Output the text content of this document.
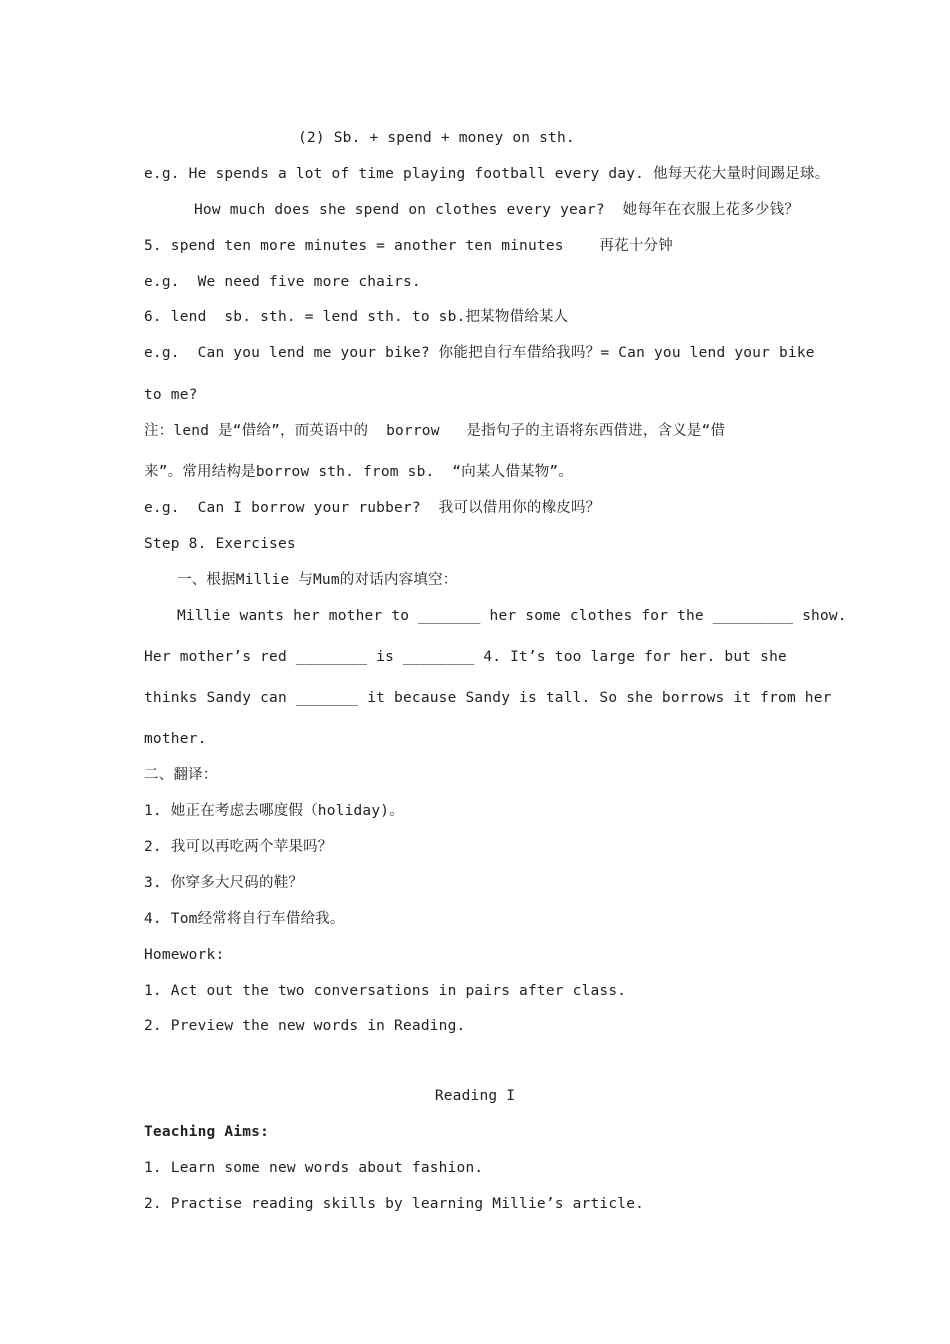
(2) Sb. + spend + money on sth.
e.g. He spends a lot of time playing football every day. 他每天花大量时间踢足球。
How much does she spend on clothes every year?  她每年在衣服上花多少钱？
5. spend ten more minutes = another ten minutes    再花十分钟
e.g.  We need five more chairs.
6. lend  sb. sth. = lend sth. to sb.把某物借给某人
e.g.  Can you lend me your bike? 你能把自行车借给我吗？= Can you lend your bike
to me?
注：lend 是“借给”，而英语中的  borrow   是指句子的主语将东西借进，含义是“借
来”。常用结构是borrow sth. from sb.  “向某人借某物”。
e.g.  Can I borrow your rubber?  我可以借用你的橡皮吗？
Step 8. Exercises
一、根据Millie 与Mum的对话内容填空：
Millie wants her mother to _______ her some clothes for the _________ show.
Her mother’s red ________ is ________ 4. It’s too large for her. but she
thinks Sandy can _______ it because Sandy is tall. So she borrows it from her
mother.
二、翻译：
1. 她正在考虑去哪度假（holiday)。
2. 我可以再吃两个苹果吗？
3. 你穿多大尺码的鞋？
4. Tom经常将自行车借给我。
Homework:
1. Act out the two conversations in pairs after class.
2. Preview the new words in Reading.
Reading I
Teaching Aims:
1. Learn some new words about fashion.
2. Practise reading skills by learning Millie’s article.
